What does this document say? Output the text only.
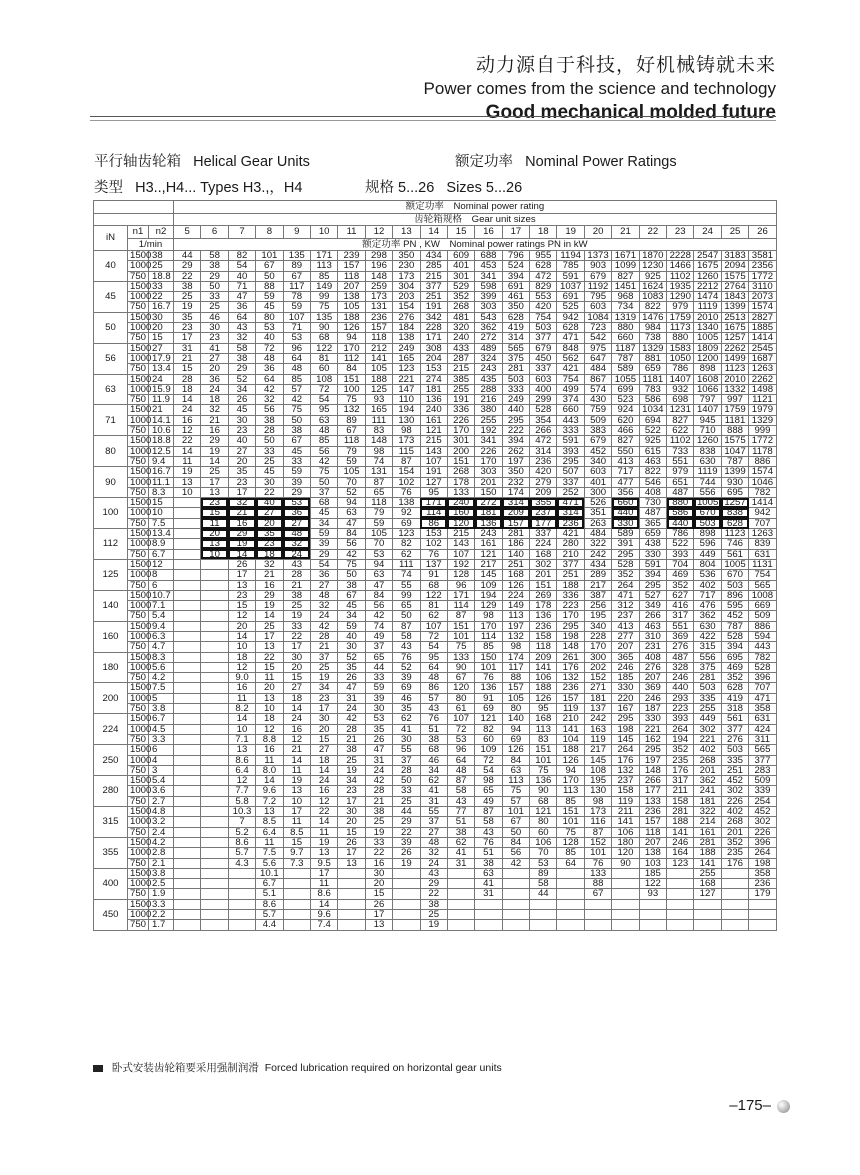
动力源自于科技，好机械铸就未来
Power comes from the science and technology
Good mechanical molded future
平行轴齿轮箱 Helical Gear Units	额定功率 Nominal Power Ratings
类型 H3..,H4... Types H3.,，H4	规格 5...26 Sizes 5...26
			额定功率　Nominal power rating																					
			齿轮箱规格　Gear unit sizes																					
iN	n1	n2	5	6	7	8	9	10	11	12	13	14	15	16	17	18	19	20	21	22	23	24	25	26
	1/min		额定功率 PN , KW　Nominal power ratings PN in kW																					
40	1500	38	44	58	82	101	135	171	239	298	350	434	609	688	796	955	1194	1373	1671	1870	2228	2547	3183	3581
	1000	25	29	38	54	67	89	113	157	196	230	285	401	453	524	628	785	903	1099	1230	1466	1675	2094	2356
	750	18.8	22	29	40	50	67	85	118	148	173	215	301	341	394	472	591	679	827	925	1102	1260	1575	1772
45	1500	33	38	50	71	88	117	149	207	259	304	377	529	598	691	829	1037	1192	1451	1624	1935	2212	2764	3110
	1000	22	25	33	47	59	78	99	138	173	203	251	352	399	461	553	691	795	968	1083	1290	1474	1843	2073
	750	16.7	19	25	36	45	59	75	105	131	154	191	268	303	350	420	525	603	734	822	979	1119	1399	1574
50	1500	30	35	46	64	80	107	135	188	236	276	342	481	543	628	754	942	1084	1319	1476	1759	2010	2513	2827
	1000	20	23	30	43	53	71	90	126	157	184	228	320	362	419	503	628	723	880	984	1173	1340	1675	1885
	750	15	17	23	32	40	53	68	94	118	138	171	240	272	314	377	471	542	660	738	880	1005	1257	1414
56	1500	27	31	41	58	72	96	122	170	212	249	308	433	489	565	679	848	975	1187	1329	1583	1809	2262	2545
	1000	17.9	21	27	38	48	64	81	112	141	165	204	287	324	375	450	562	647	787	881	1050	1200	1499	1687
	750	13.4	15	20	29	36	48	60	84	105	123	153	215	243	281	337	421	484	589	659	786	898	1123	1263
63	1500	24	28	36	52	64	85	108	151	188	221	274	385	435	503	603	754	867	1055	1181	1407	1608	2010	2262
	1000	15.9	18	24	34	42	57	72	100	125	147	181	255	288	333	400	499	574	699	783	932	1066	1332	1498
	750	11.9	14	18	26	32	42	54	75	93	110	136	191	216	249	299	374	430	523	586	698	797	997	1121
71	1500	21	24	32	45	56	75	95	132	165	194	240	336	380	440	528	660	759	924	1034	1231	1407	1759	1979
	1000	14.1	16	21	30	38	50	63	89	111	130	161	226	255	295	354	443	509	620	694	827	945	1181	1329
	750	10.6	12	16	23	28	38	48	67	83	98	121	170	192	222	266	333	383	466	522	622	710	888	999
80	1500	18.8	22	29	40	50	67	85	118	148	173	215	301	341	394	472	591	679	827	925	1102	1260	1575	1772
	1000	12.5	14	19	27	33	45	56	79	98	115	143	200	226	262	314	393	452	550	615	733	838	1047	1178
	750	9.4	11	14	20	25	33	42	59	74	87	107	151	170	197	236	295	340	413	463	551	630	787	886
90	1500	16.7	19	25	35	45	59	75	105	131	154	191	268	303	350	420	507	603	717	822	979	1119	1399	1574
	1000	11.1	13	17	23	30	39	50	70	87	102	127	178	201	232	279	337	401	477	546	651	744	930	1046
	750	8.3	10	13	17	22	29	37	52	65	76	95	133	150	174	209	252	300	356	408	487	556	695	782
100	1500	15		23	32	40	53	68	94	118	138	171	240	272	314	355	471	526	660	730	880	1005	1257	1414
	1000	10		15	21	27	36	45	63	79	92	114	160	181	209	237	314	351	440	487	586	670	838	942
	750	7.5		11	16	20	27	34	47	59	69	86	120	136	157	177	236	263	330	365	440	503	628	707
112	1500	13.4		20	29	35	48	59	84	105	123	153	215	243	281	337	421	484	589	659	786	898	1123	1263
	1000	8.9		13	19	23	32	39	56	70	82	102	143	161	186	224	280	322	391	438	522	596	746	839
	750	6.7		10	14	18	24	29	42	53	62	76	107	121	140	168	210	242	295	330	393	449	561	631
125	1500	12			26	32	43	54	75	94	111	137	192	217	251	302	377	434	528	591	704	804	1005	1131
	1000	8			17	21	28	36	50	63	74	91	128	145	168	201	251	289	352	394	469	536	670	754
	750	6			13	16	21	27	38	47	55	68	96	109	126	151	188	217	264	295	352	402	503	565
140	1500	10.7			23	29	38	48	67	84	99	122	171	194	224	269	336	387	471	527	627	717	896	1008
	1000	7.1			15	19	25	32	45	56	65	81	114	129	149	178	223	256	312	349	416	476	595	669
	750	5.4			12	14	19	24	34	42	50	62	87	98	113	136	170	195	237	266	317	362	452	509
160	1500	9.4			20	25	33	42	59	74	87	107	151	170	197	236	295	340	413	463	551	630	787	886
	1000	6.3			14	17	22	28	40	49	58	72	101	114	132	158	198	228	277	310	369	422	528	594
	750	4.7			10	13	17	21	30	37	43	54	75	85	98	118	148	170	207	231	276	315	394	443
180	1500	8.3			18	22	30	37	52	65	76	95	133	150	174	209	261	300	365	408	487	556	695	782
	1000	5.6			12	15	20	25	35	44	52	64	90	101	117	141	176	202	246	276	328	375	469	528
	750	4.2			9.0	11	15	19	26	33	39	48	67	76	88	106	132	152	185	207	246	281	352	396
200	1500	7.5			16	20	27	34	47	59	69	86	120	136	157	188	236	271	330	369	440	503	628	707
	1000	5			11	13	18	23	31	39	46	57	80	91	105	126	157	181	220	246	293	335	419	471
	750	3.8			8.2	10	14	17	24	30	35	43	61	69	80	95	119	137	167	187	223	255	318	358
224	1500	6.7			14	18	24	30	42	53	62	76	107	121	140	168	210	242	295	330	393	449	561	631
	1000	4.5			10	12	16	20	28	35	41	51	72	82	94	113	141	163	198	221	264	302	377	424
	750	3.3			7.1	8.8	12	15	21	26	30	38	53	60	69	83	104	119	145	162	194	221	276	311
250	1500	6			13	16	21	27	38	47	55	68	96	109	126	151	188	217	264	295	352	402	503	565
	1000	4			8.6	11	14	18	25	31	37	46	64	72	84	101	126	145	176	197	235	268	335	377
	750	3			6.4	8.0	11	14	19	24	28	34	48	54	63	75	94	108	132	148	176	201	251	283
280	1500	5.4			12	14	19	24	34	42	50	62	87	98	113	136	170	195	237	266	317	362	452	509
	1000	3.6			7.7	9.6	13	16	23	28	33	41	58	65	75	90	113	130	158	177	211	241	302	339
	750	2.7			5.8	7.2	10	12	17	21	25	31	43	49	57	68	85	98	119	133	158	181	226	254
315	1500	4.8			10.3	13	17	22	30	38	44	55	77	87	101	121	151	173	211	236	281	322	402	452
	1000	3.2			7	8.5	11	14	20	25	29	37	51	58	67	80	101	116	141	157	188	214	268	302
	750	2.4			5.2	6.4	8.5	11	15	19	22	27	38	43	50	60	75	87	106	118	141	161	201	226
355	1500	4.2			8.6	11	15	19	26	33	39	48	62	76	84	106	128	152	180	207	246	281	352	396
	1000	2.8			5.7	7.5	9.7	13	17	22	26	32	41	51	56	70	85	101	120	138	164	188	235	264
	750	2.1			4.3	5.6	7.3	9.5	13	16	19	24	31	38	42	53	64	76	90	103	123	141	176	198
400	1500	3.8				10.1		17		30		43		63		89		133		185		255		358
	1000	2.5				6.7		11		20		29		41		58		88		122		168		236
	750	1.9				5.1		8.6		15		22		31		44		67		93		127		179
450	1500	3.3				8.6		14		26		38												
	1000	2.2				5.7		9.6		17		25												
	750	1.7				4.4		7.4		13		19												
卧式安装齿轮箱要采用强制润滑 Forced lubrication required on horizontal gear units
–175–
